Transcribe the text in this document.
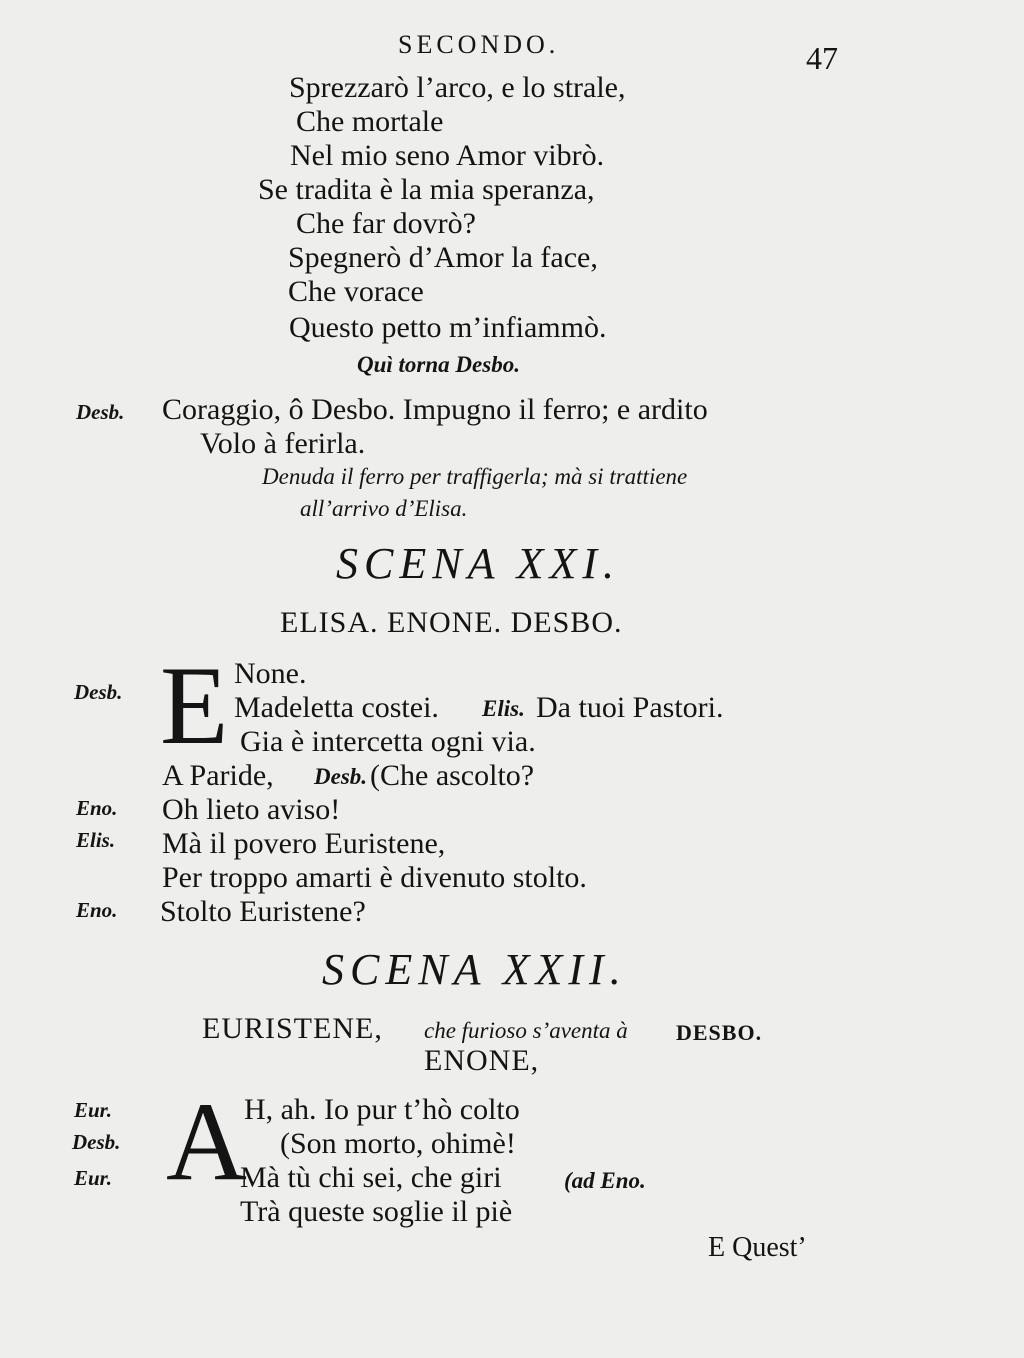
SECONDO.	47
Sprezzarò l’arco, e lo strale,
Che mortale
Nel mio seno Amor vibrò.
Se tradita è la mia speranza,
Che far dovrò?
Spegnerò d’Amor la face,
Che vorace
Questo petto m’infiammò.
Quì torna Desbo.
Desb. Coraggio, ô Desbo. Impugno il ferro; e ardito
Volo à ferirla.
Denuda il ferro per traffigerla; mà si trattiene
all’arrivo d’Elisa.
SCENA XXI.
ELISA. ENONE. DESBO.
E None.
Desb.	Madeletta costei. Elis. Da tuoi Pastori.
Gia è intercetta ogni via.
A Paride, Desb. (Che ascolto?
Eno. Oh lieto aviso!
Elis. Mà il povero Euristene,
Per troppo amarti è divenuto stolto.
Eno. Stolto Euristene?
SCENA XXII.
EURISTENE, che furioso s’aventa à DESBO.
ENONE,
Eur. A
H, ah. Io pur t’hò colto
Desb.	(Son morto, ohimè!
Eur.	Mà tù chi sei, che giri	(ad Eno.
Trà queste soglie il piè
E Quest’
